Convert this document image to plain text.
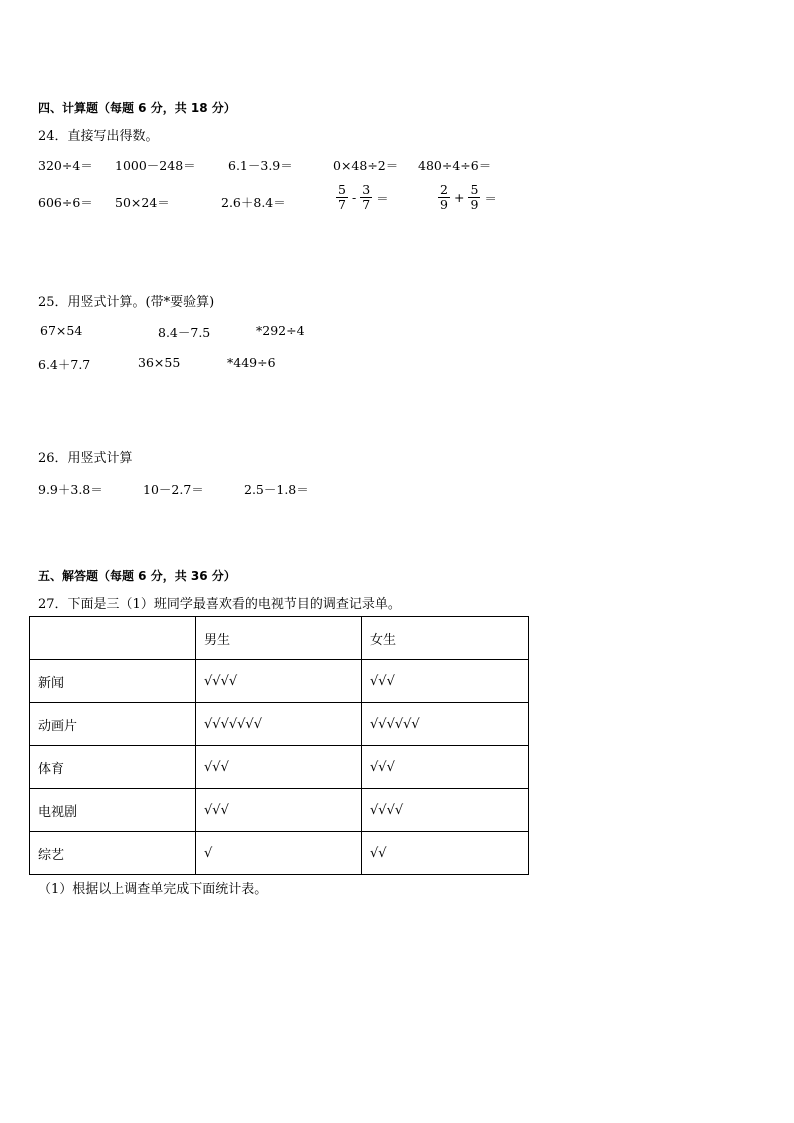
四、计算题（每题 6 分，共 18 分）
24．直接写出得数。
320÷4＝ 1000－248＝	6.1－3.9＝	0×48÷2＝ 480÷4÷6＝
606÷6＝ 50×24＝	2.6＋8.4＝	$\frac{5}{7} - \frac{3}{7}$ ＝	$\frac{2}{9} + \frac{5}{9}$ ＝
25．用竖式计算。(带*要验算)
67×54	8.4－7.5	*292÷4
6.4＋7.7	36×55	*449÷6
26．用竖式计算
9.9＋3.8＝	10－2.7＝	2.5－1.8＝
五、解答题（每题 6 分，共 36 分）
27．下面是三（1）班同学最喜欢看的电视节目的调查记录单。
	男生	女生
新闻	√√√√	√√√
动画片	√√√√√√√	√√√√√√
体育	√√√	√√√
电视剧	√√√	√√√√
综艺	√	√√
（1）根据以上调查单完成下面统计表。
